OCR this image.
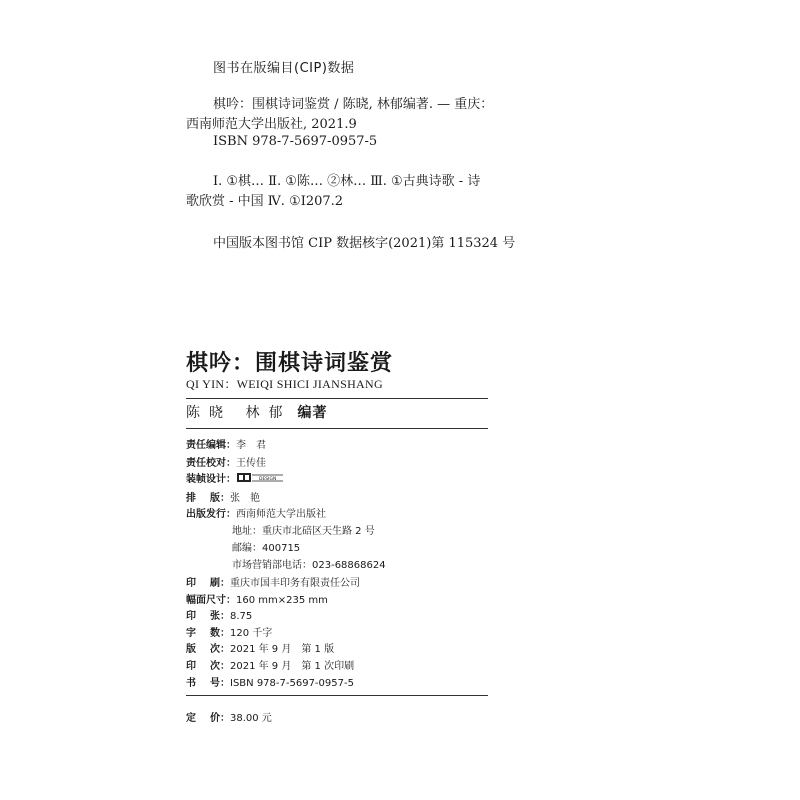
图书在版编目(CIP)数据
棋吟：围棋诗词鉴赏 / 陈晓, 林郁编著. — 重庆：
西南师范大学出版社, 2021.9
ISBN 978-7-5697-0957-5
Ⅰ. ①棋… Ⅱ. ①陈… ②林… Ⅲ. ①古典诗歌 - 诗
歌欣赏 - 中国 Ⅳ. ①I207.2
中国版本图书馆 CIP 数据核字(2021)第 115324 号
棋吟：围棋诗词鉴赏
QI YIN：WEIQI SHICI JIANSHANG
陈晓 林郁 编著
责任编辑： 李　君
责任校对： 王传佳
装帧设计：	DESIGN
排 版： 张　艳
出版发行： 西南师范大学出版社
地址：重庆市北碚区天生路 2 号
邮编：400715
市场营销部电话：023-68868624
印 刷： 重庆市国丰印务有限责任公司
幅面尺寸： 160 mm×235 mm
印 张： 8.75
字 数： 120 千字
版 次： 2021 年 9 月　第 1 版
印 次： 2021 年 9 月　第 1 次印刷
书 号： ISBN 978-7-5697-0957-5
定 价： 38.00 元
